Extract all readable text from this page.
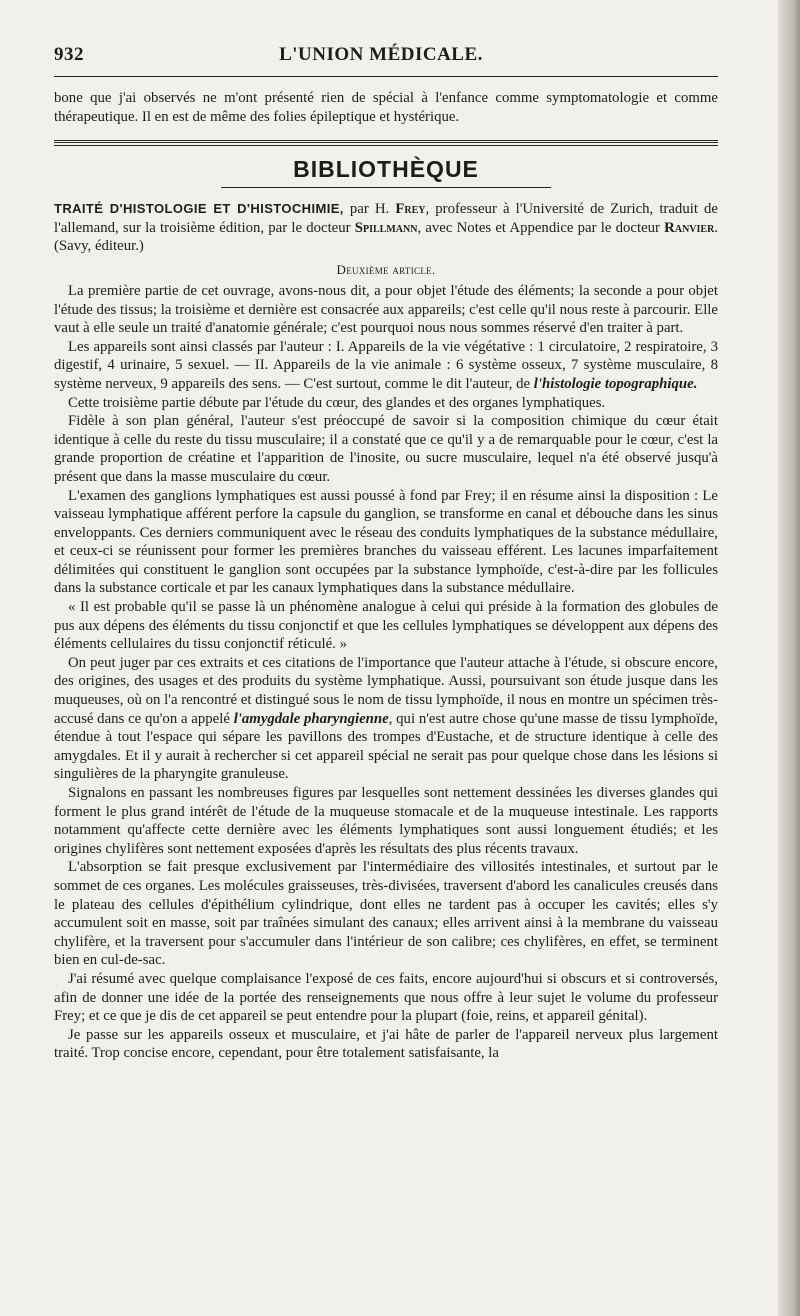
932	L'UNION MÉDICALE.

bone que j'ai observés ne m'ont présenté rien de spécial à l'enfance comme symptomatologie et comme thérapeutique. Il en est de même des folies épileptique et hystérique.

BIBLIOTHÈQUE

TRAITÉ D'HISTOLOGIE ET D'HISTOCHIMIE, par H. Frey, professeur à l'Université de Zurich, traduit de l'allemand, sur la troisième édition, par le docteur Spillmann, avec Notes et Appendice par le docteur Ranvier. (Savy, éditeur.)

Deuxième article.

La première partie de cet ouvrage, avons-nous dit, a pour objet l'étude des éléments; la seconde a pour objet l'étude des tissus; la troisième et dernière est consacrée aux appareils; c'est celle qu'il nous reste à parcourir. Elle vaut à elle seule un traité d'anatomie générale; c'est pourquoi nous nous sommes réservé d'en traiter à part.

Les appareils sont ainsi classés par l'auteur : I. Appareils de la vie végétative : 1 circulatoire, 2 respiratoire, 3 digestif, 4 urinaire, 5 sexuel. — II. Appareils de la vie animale : 6 système osseux, 7 système musculaire, 8 système nerveux, 9 appareils des sens. — C'est surtout, comme le dit l'auteur, de l'histologie topographique.

Cette troisième partie débute par l'étude du cœur, des glandes et des organes lymphatiques.

Fidèle à son plan général, l'auteur s'est préoccupé de savoir si la composition chimique du cœur était identique à celle du reste du tissu musculaire; il a constaté que ce qu'il y a de remarquable pour le cœur, c'est la grande proportion de créatine et l'apparition de l'inosite, ou sucre musculaire, lequel n'a été observé jusqu'à présent que dans la masse musculaire du cœur.

L'examen des ganglions lymphatiques est aussi poussé à fond par Frey; il en résume ainsi la disposition : Le vaisseau lymphatique afférent perfore la capsule du ganglion, se transforme en canal et débouche dans les sinus enveloppants. Ces derniers communiquent avec le réseau des conduits lymphatiques de la substance médullaire, et ceux-ci se réunissent pour former les premières branches du vaisseau efférent. Les lacunes imparfaitement délimitées qui constituent le ganglion sont occupées par la substance lymphoïde, c'est-à-dire par les follicules dans la substance corticale et par les canaux lymphatiques dans la substance médullaire.

« Il est probable qu'il se passe là un phénomène analogue à celui qui préside à la formation des globules de pus aux dépens des éléments du tissu conjonctif et que les cellules lymphatiques se développent aux dépens des éléments cellulaires du tissu conjonctif réticulé. »

On peut juger par ces extraits et ces citations de l'importance que l'auteur attache à l'étude, si obscure encore, des origines, des usages et des produits du système lymphatique. Aussi, poursuivant son étude jusque dans les muqueuses, où on l'a rencontré et distingué sous le nom de tissu lymphoïde, il nous en montre un spécimen très-accusé dans ce qu'on a appelé l'amygdale pharyngienne, qui n'est autre chose qu'une masse de tissu lymphoïde, étendue à tout l'espace qui sépare les pavillons des trompes d'Eustache, et de structure identique à celle des amygdales. Et il y aurait à rechercher si cet appareil spécial ne serait pas pour quelque chose dans les lésions si singulières de la pharyngite granuleuse.

Signalons en passant les nombreuses figures par lesquelles sont nettement dessinées les diverses glandes qui forment le plus grand intérêt de l'étude de la muqueuse stomacale et de la muqueuse intestinale. Les rapports notamment qu'affecte cette dernière avec les éléments lymphatiques sont aussi longuement étudiés; et les origines chylifères sont nettement exposées d'après les résultats des plus récents travaux.

L'absorption se fait presque exclusivement par l'intermédiaire des villosités intestinales, et surtout par le sommet de ces organes. Les molécules graisseuses, très-divisées, traversent d'abord les canalicules creusés dans le plateau des cellules d'épithélium cylindrique, dont elles ne tardent pas à occuper les cavités; elles s'y accumulent soit en masse, soit par traînées simulant des canaux; elles arrivent ainsi à la membrane du vaisseau chylifère, et la traversent pour s'accumuler dans l'intérieur de son calibre; ces chylifères, en effet, se terminent bien en cul-de-sac.

J'ai résumé avec quelque complaisance l'exposé de ces faits, encore aujourd'hui si obscurs et si controversés, afin de donner une idée de la portée des renseignements que nous offre à leur sujet le volume du professeur Frey; et ce que je dis de cet appareil se peut entendre pour la plupart (foie, reins, et appareil génital).

Je passe sur les appareils osseux et musculaire, et j'ai hâte de parler de l'appareil nerveux plus largement traité. Trop concise encore, cependant, pour être totalement satisfaisante, la
